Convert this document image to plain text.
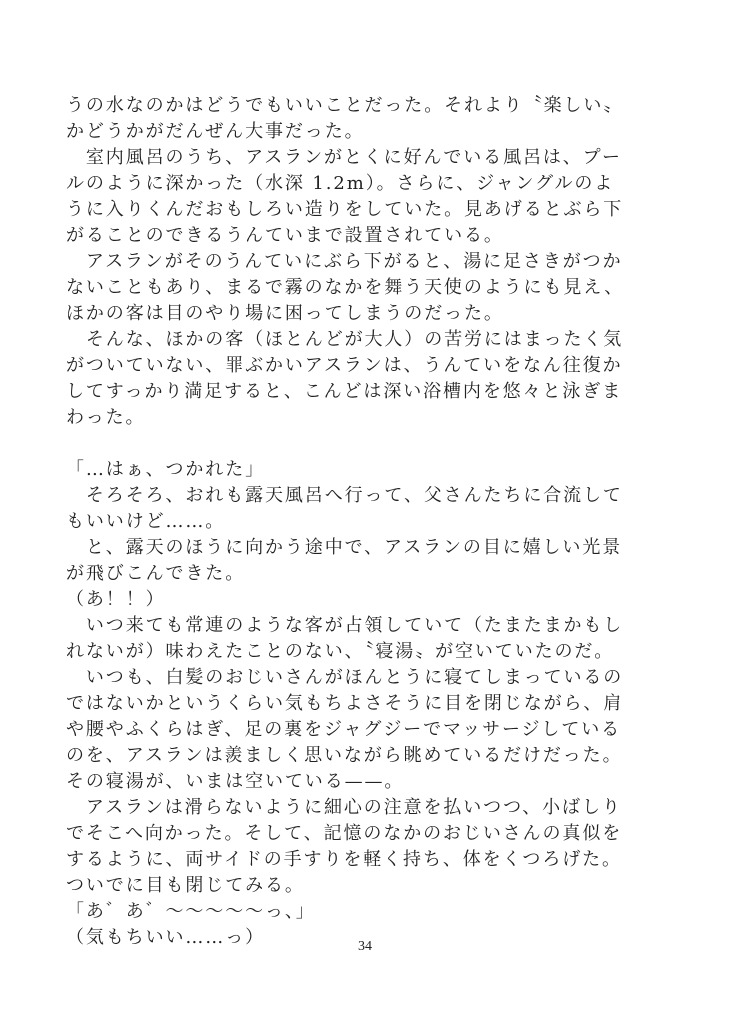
うの水なのかはどうでもいいことだった。それより〝楽しい〟
かどうかがだんぜん大事だった。
　室内風呂のうち、アスランがとくに好んでいる風呂は、プー
ルのように深かった（水深 1.2m）。さらに、ジャングルのよ
うに入りくんだおもしろい造りをしていた。見あげるとぶら下
がることのできるうんていまで設置されている。
　アスランがそのうんていにぶら下がると、湯に足さきがつか
ないこともあり、まるで霧のなかを舞う天使のようにも見え、
ほかの客は目のやり場に困ってしまうのだった。
　そんな、ほかの客（ほとんどが大人）の苦労にはまったく気
がついていない、罪ぶかいアスランは、うんていをなん往復か
してすっかり満足すると、こんどは深い浴槽内を悠々と泳ぎま
わった。
「…はぁ、つかれた」
　そろそろ、おれも露天風呂へ行って、父さんたちに合流して
もいいけど……。
　と、露天のほうに向かう途中で、アスランの目に嬉しい光景
が飛びこんできた。
（あ！！）
　いつ来ても常連のような客が占領していて（たまたまかもし
れないが）味わえたことのない、〝寝湯〟が空いていたのだ。
　いつも、白髪のおじいさんがほんとうに寝てしまっているの
ではないかというくらい気もちよさそうに目を閉じながら、肩
や腰やふくらはぎ、足の裏をジャグジーでマッサージしている
のを、アスランは羨ましく思いながら眺めているだけだった。
その寝湯が、いまは空いている——。
　アスランは滑らないように細心の注意を払いつつ、小ばしり
でそこへ向かった。そして、記憶のなかのおじいさんの真似を
するように、両サイドの手すりを軽く持ち、体をくつろげた。
ついでに目も閉じてみる。
「あ゛あ゛〜〜〜〜〜っ、」
（気もちいい……っ）	34
